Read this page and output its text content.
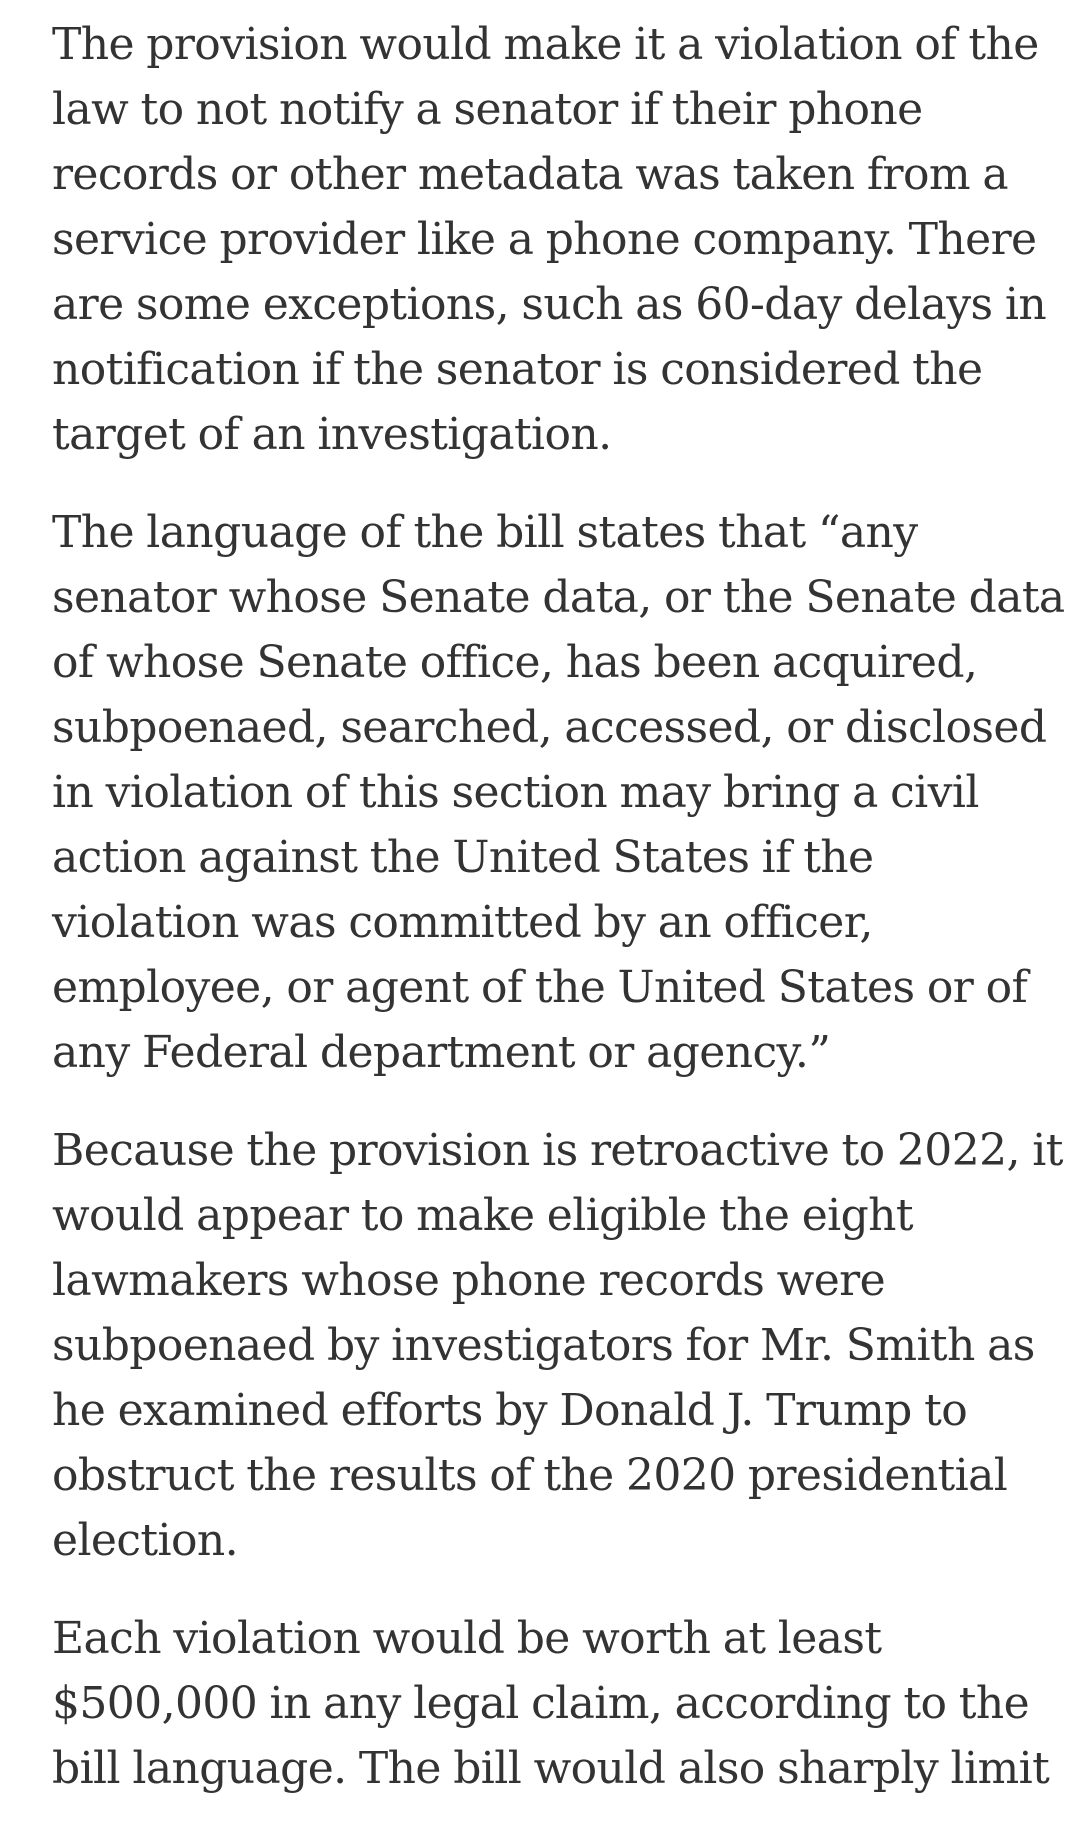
The provision would make it a violation of the
law to not notify a senator if their phone
records or other metadata was taken from a
service provider like a phone company. There
are some exceptions, such as 60-day delays in
notification if the senator is considered the
target of an investigation.

The language of the bill states that “any
senator whose Senate data, or the Senate data
of whose Senate office, has been acquired,
subpoenaed, searched, accessed, or disclosed
in violation of this section may bring a civil
action against the United States if the
violation was committed by an officer,
employee, or agent of the United States or of
any Federal department or agency.”

Because the provision is retroactive to 2022, it
would appear to make eligible the eight
lawmakers whose phone records were
subpoenaed by investigators for Mr. Smith as
he examined efforts by Donald J. Trump to
obstruct the results of the 2020 presidential
election.

Each violation would be worth at least
$500,000 in any legal claim, according to the
bill language. The bill would also sharply limit
